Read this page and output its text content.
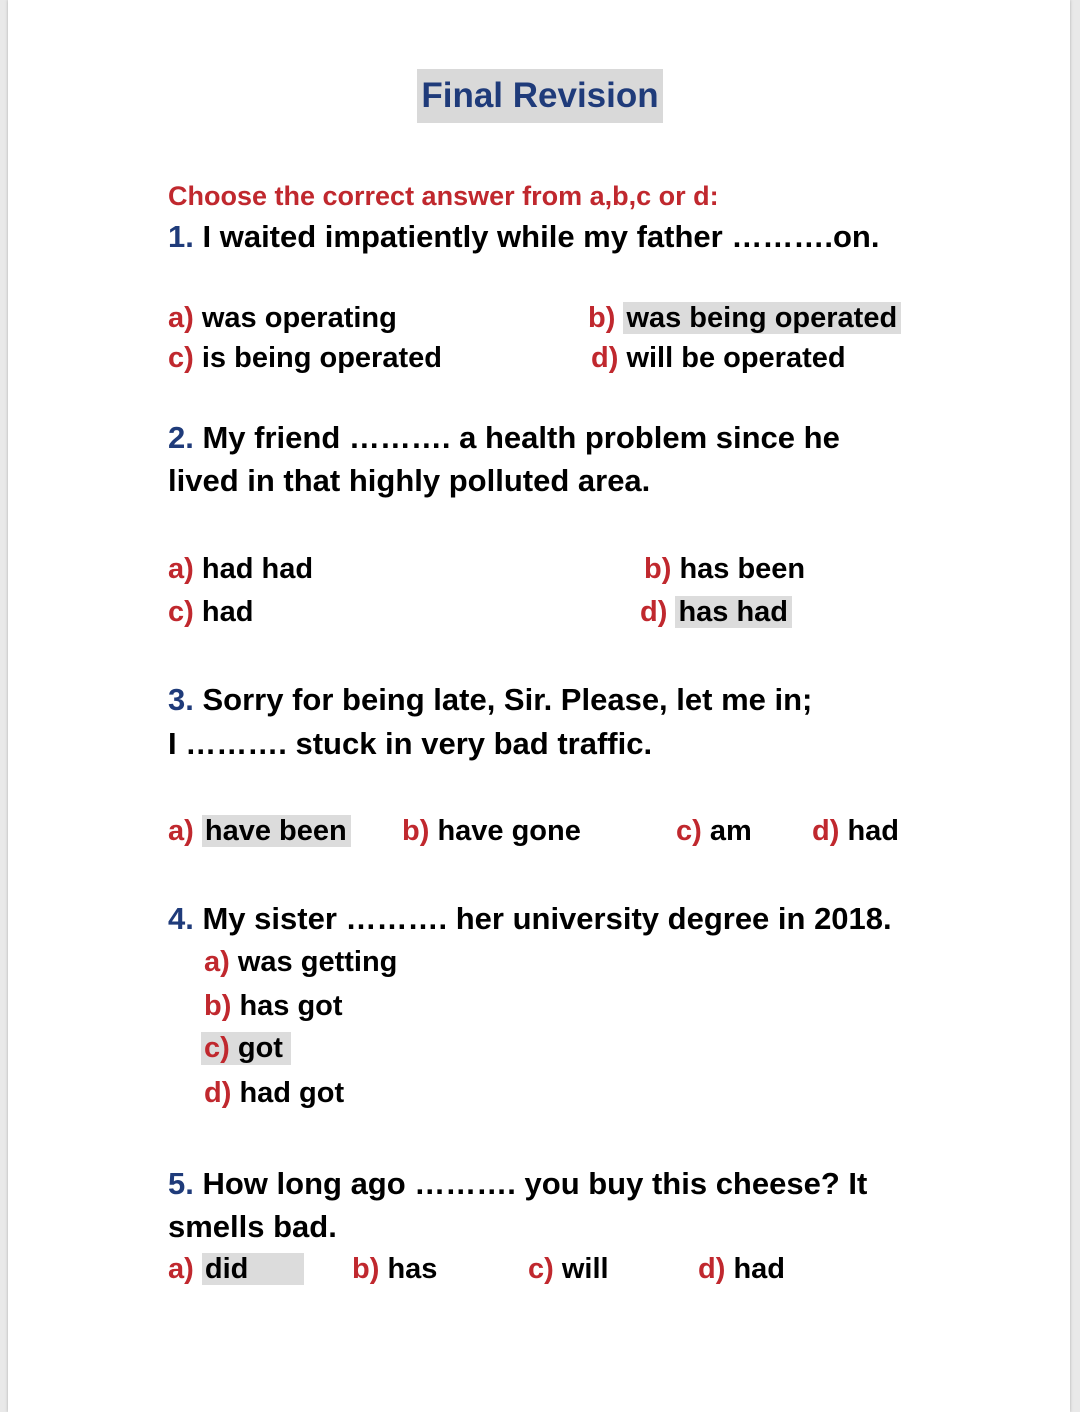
Final Revision
Choose the correct answer from a,b,c or d:
1. I waited impatiently while my father ……….on.
a) was operating	b) was being operated
c) is being operated	d) will be operated
2. My friend ………. a health problem since he
lived in that highly polluted area.
a) had had	b) has been
c) had	d) has had
3. Sorry for being late, Sir. Please, let me in;
I ………. stuck in very bad traffic.
a) have been b) have gone	c) am d) had
4. My sister ………. her university degree in 2018.
a) was getting
b) has got
c) got
d) had got
5. How long ago ………. you buy this cheese? It
smells bad.
a) did	b) has	c) will	d) had
